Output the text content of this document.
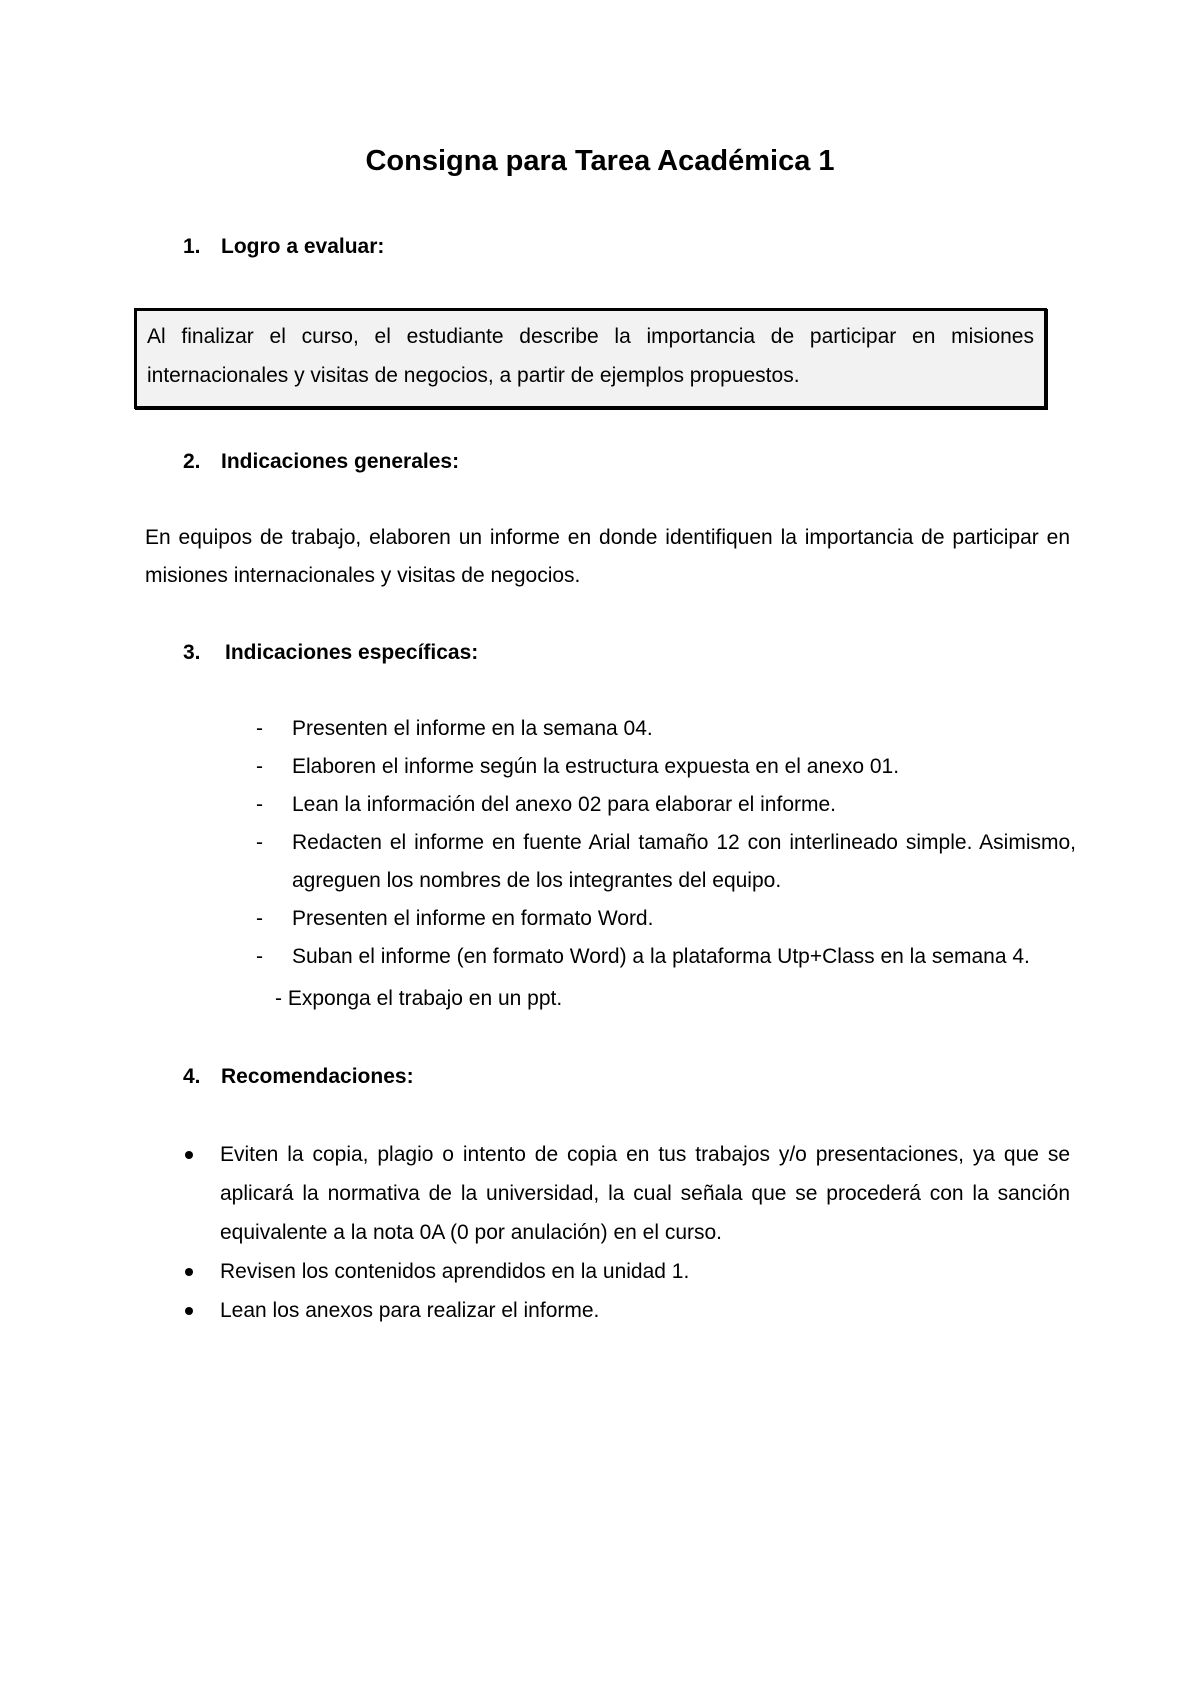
Consigna para Tarea Académica 1
1. Logro a evaluar:
Al finalizar el curso, el estudiante describe la importancia de participar en misiones internacionales y visitas de negocios, a partir de ejemplos propuestos.
2. Indicaciones generales:

En equipos de trabajo, elaboren un informe en donde identifiquen la importancia de participar en misiones internacionales y visitas de negocios.

3. Indicaciones específicas:
- Presenten el informe en la semana 04.
- Elaboren el informe según la estructura expuesta en el anexo 01.
- Lean la información del anexo 02 para elaborar el informe.
- Redacten el informe en fuente Arial tamaño 12 con interlineado simple. Asimismo, agreguen los nombres de los integrantes del equipo.
- Presenten el informe en formato Word.
- Suban el informe (en formato Word) a la plataforma Utp+Class en la semana 4.
- Exponga el trabajo en un ppt.
4. Recomendaciones:
Eviten la copia, plagio o intento de copia en tus trabajos y/o presentaciones, ya que se aplicará la normativa de la universidad, la cual señala que se procederá con la sanción equivalente a la nota 0A (0 por anulación) en el curso.
Revisen los contenidos aprendidos en la unidad 1.
Lean los anexos para realizar el informe.
